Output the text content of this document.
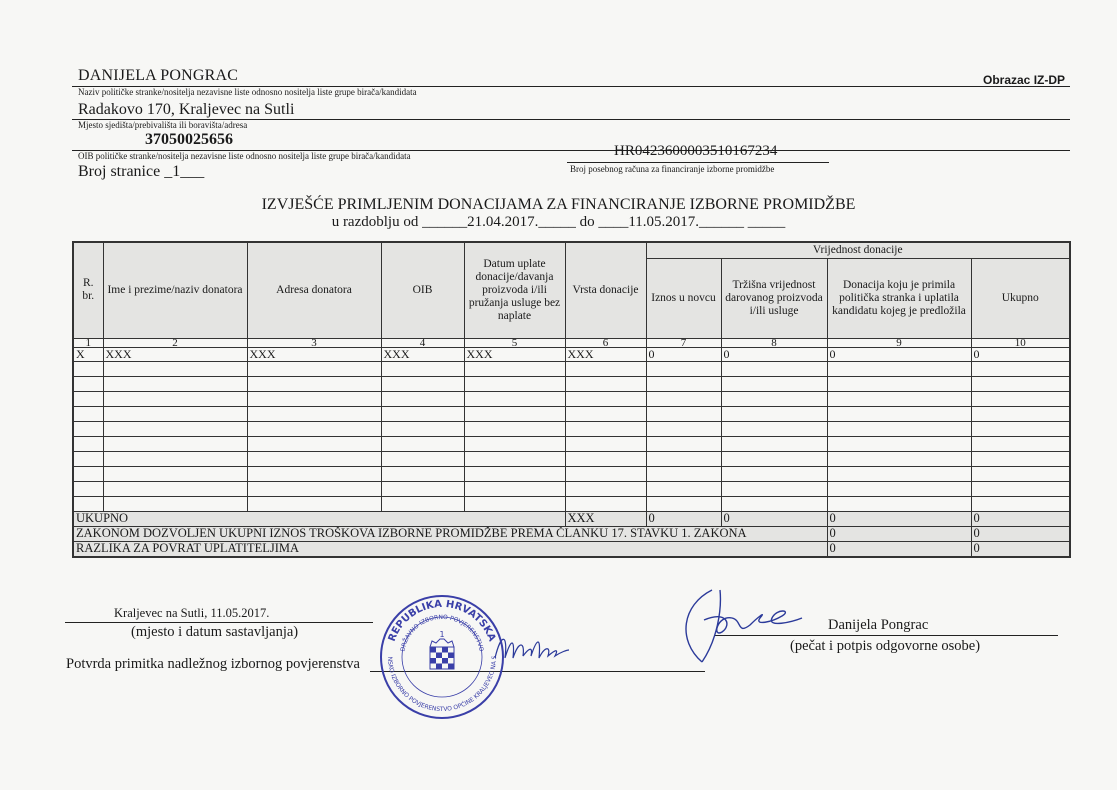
Obrazac IZ-DP
DANIJELA PONGRAC
Naziv političke stranke/nositelja nezavisne liste odnosno nositelja liste grupe birača/kandidata
Radakovo 170, Kraljevec na Sutli
Mjesto sjedišta/prebivališta ili boravišta/adresa
37050025656
OIB političke stranke/nositelja nezavisne liste odnosno nositelja liste grupe birača/kandidata
Broj stranice _1___
HR0423600003510167234
Broj posebnog računa za financiranje izborne promidžbe
IZVJEŠĆE PRIMLJENIM DONACIJAMA ZA FINANCIRANJE IZBORNE PROMIDŽBE
u razdoblju od ______21.04.2017._____ do ____11.05.2017.______ _____
R. br.	Ime i prezime/naziv donatora	Adresa donatora	OIB	Datum uplate donacije/davanja proizvoda i/ili pružanja usluge bez naplate	Vrsta donacije	Vrijednost donacije			
						Iznos u novcu	Tržišna vrijednost darovanog proizvoda i/ili usluge	Donacija koju je primila politička stranka i uplatila kandidatu kojeg je predložila	Ukupno
1	2	3	4	5	6	7	8	9	10
X	XXX	XXX	XXX	XXX	XXX	0	0	0	0

UKUPNO					XXX	0	0	0	0
ZAKONOM DOZVOLJEN UKUPNI IZNOS TROŠKOVA IZBORNE PROMIDŽBE PREMA ČLANKU 17. STAVKU 1. ZAKONA								0	0
RAZLIKA ZA POVRAT UPLATITELJIMA								0	0
Kraljevec na Sutli, 11.05.2017.
(mjesto i datum sastavljanja)
Potvrda primitka nadležnog izbornog povjerenstva
Danijela Pongrac
(pečat i potpis odgovorne osobe)
REPUBLIKA HRVATSKA
DRŽAVNO IZBORNO POVJERENSTVO
NSKO IZBORNO POVJERENSTVO OPĆINE KRALJEVEC NA S
1
